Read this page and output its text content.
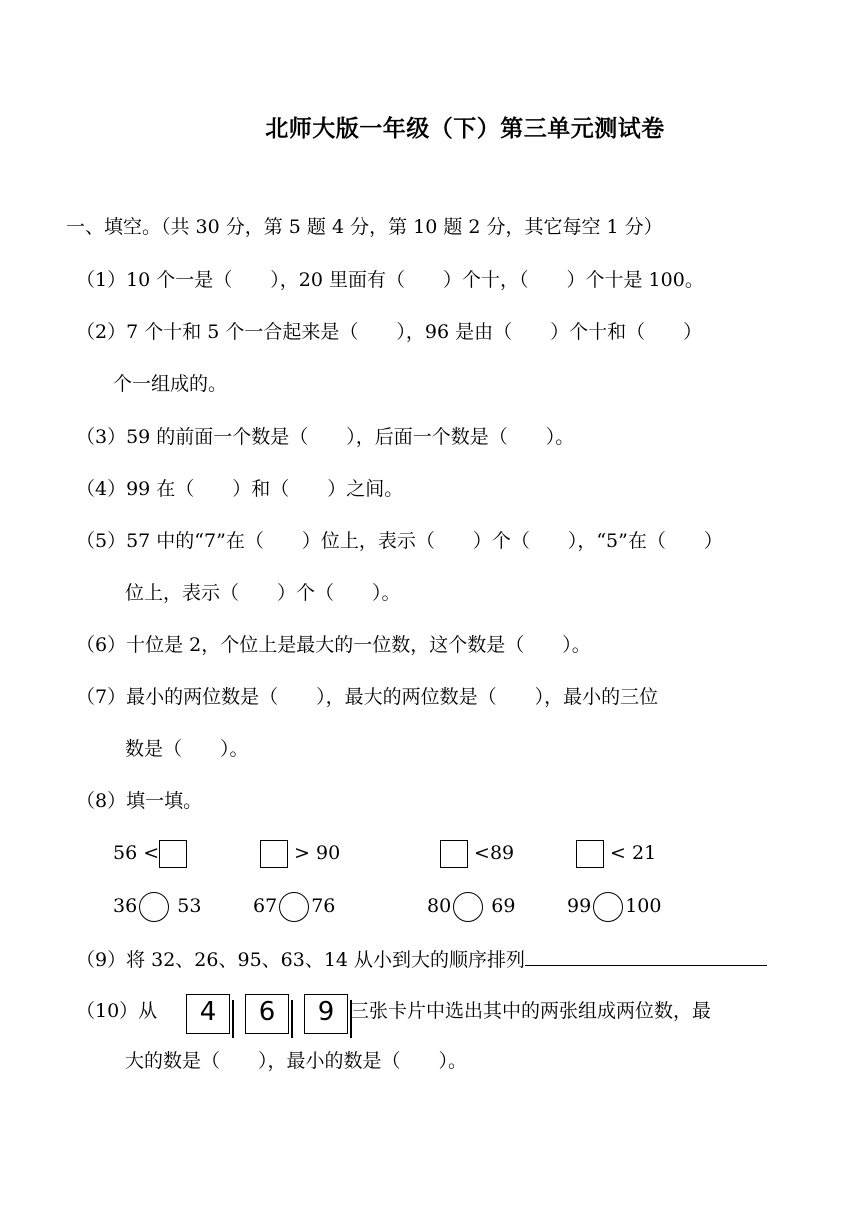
北师大版一年级（下）第三单元测试卷
一、填空。（共 30 分，第 5 题 4 分，第 10 题 2 分，其它每空 1 分）
（1）10 个一是（　　），20 里面有（　　）个十，（　　）个十是 100。
（2）7 个十和 5 个一合起来是（　　），96 是由（　　）个十和（　　）
个一组成的。
（3）59 的前面一个数是（　　），后面一个数是（　　）。
（4）99 在（　　）和（　　）之间。
（5）57 中的“7”在（　　）位上，表示（　　）个（　　），“5”在（　　）
位上，表示（　　）个（　　）。
（6）十位是 2，个位上是最大的一位数，这个数是（　　）。
（7）最小的两位数是（　　），最大的两位数是（　　），最小的三位
数是（　　）。
（8）填一填。
56 <	> 90	<89	< 21
36 53	67 76	80 69	99 100
（9）将 32、26、95、63、14 从小到大的顺序排列
（10）从	4	6	9 三张卡片中选出其中的两张组成两位数，最
大的数是（　　），最小的数是（　　）。
